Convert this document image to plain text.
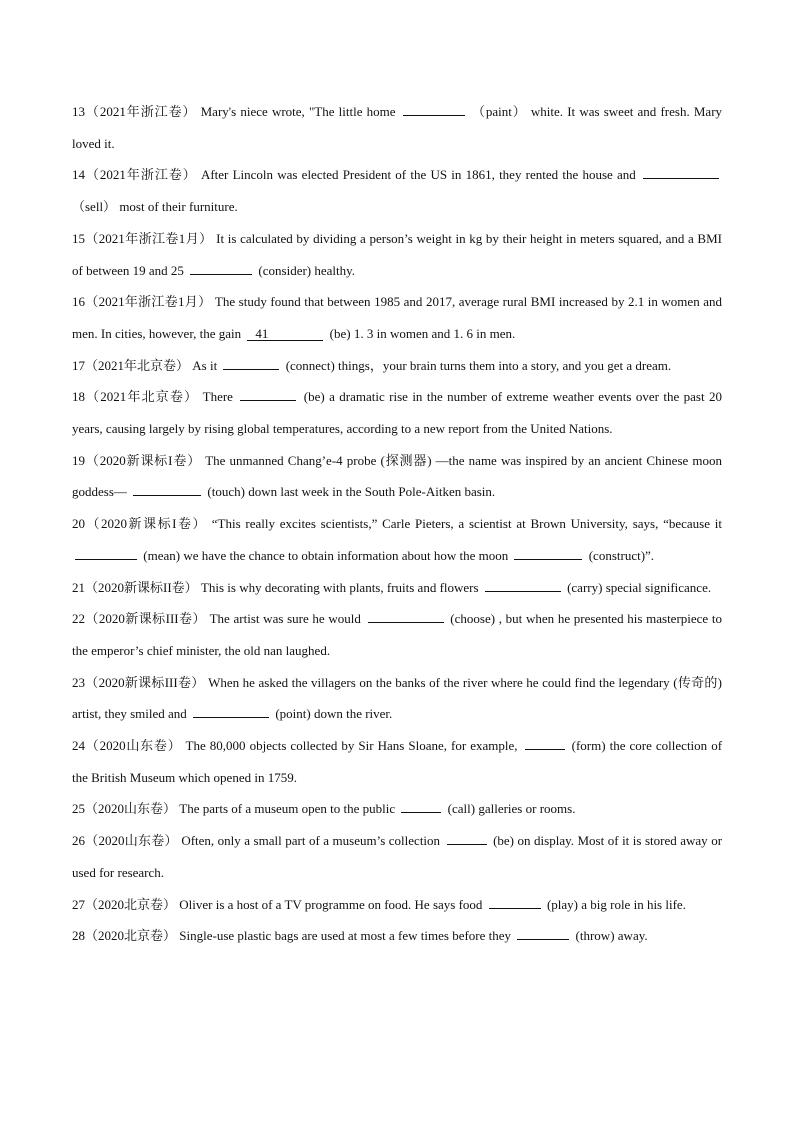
13（2021年浙江卷） Mary's niece wrote, "The little home	（paint） white. It was sweet and fresh. Mary loved it.

14（2021年浙江卷） After Lincoln was elected President of the US in 1861, they rented the house and  （sell） most of their furniture.

15（2021年浙江卷1月） It is calculated by dividing a person’s weight in kg by their height in meters squared, and a BMI of between 19 and 25	(consider) healthy.

16（2021年浙江卷1月） The study found that between 1985 and 2017, average rural BMI increased by 2.1 in women and men. In cities, however, the gain 41	(be) 1. 3 in women and 1. 6 in men.

17（2021年北京卷） As it	(connect) things，your brain turns them into a story, and you get a dream.

18（2021年北京卷） There	(be) a dramatic rise in the number of extreme weather events over the past 20 years, causing largely by rising global temperatures, according to a new report from the United Nations.

19（2020新课标I卷） The unmanned Chang’e-4 probe (探测器) —the name was inspired by an ancient Chinese moon goddess—	(touch) down last week in the South Pole-Aitken basin.

20（2020新课标I卷） “This really excites scientists,” Carle Pieters, a scientist at Brown University, says, “because it  (mean) we have the chance to obtain information about how the moon	(construct)”.

21（2020新课标II卷） This is why decorating with plants, fruits and flowers	(carry) special significance.

22（2020新课标III卷） The artist was sure he would	(choose) , but when he presented his masterpiece to the emperor’s chief minister, the old nan laughed.

23（2020新课标III卷） When he asked the villagers on the banks of the river where he could find the legendary (传奇的) artist, they smiled and	(point) down the river.

24（2020山东卷） The 80,000 objects collected by Sir Hans Sloane, for example,	(form) the core collection of the British Museum which opened in 1759.

25（2020山东卷） The parts of a museum open to the public	(call) galleries or rooms.

26（2020山东卷） Often, only a small part of a museum’s collection	(be) on display. Most of it is stored away or used for research.

27（2020北京卷） Oliver is a host of a TV programme on food. He says food	(play) a big role in his life.

28（2020北京卷） Single-use plastic bags are used at most a few times before they	(throw) away.
